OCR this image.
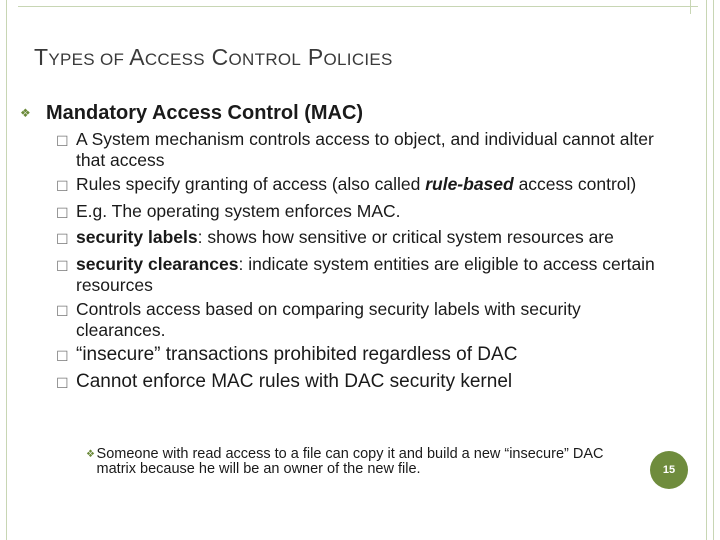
TYPES OF ACCESS CONTROL POLICIES
❖ Mandatory Access Control (MAC)
☐ A System mechanism controls access to object, and individual cannot alter that access
☐ Rules specify granting of access (also called rule-based access control)
☐ E.g. The operating system enforces MAC.
☐ security labels: shows how sensitive or critical system resources are
☐ security clearances: indicate system entities are eligible to access certain resources
☐ Controls access based on comparing security labels with security clearances.
☐ “insecure” transactions prohibited regardless of DAC
☐ Cannot enforce MAC rules with DAC security kernel
❖ Someone with read access to a file can copy it and build a new “insecure” DAC matrix because he will be an owner of the new file.	15
